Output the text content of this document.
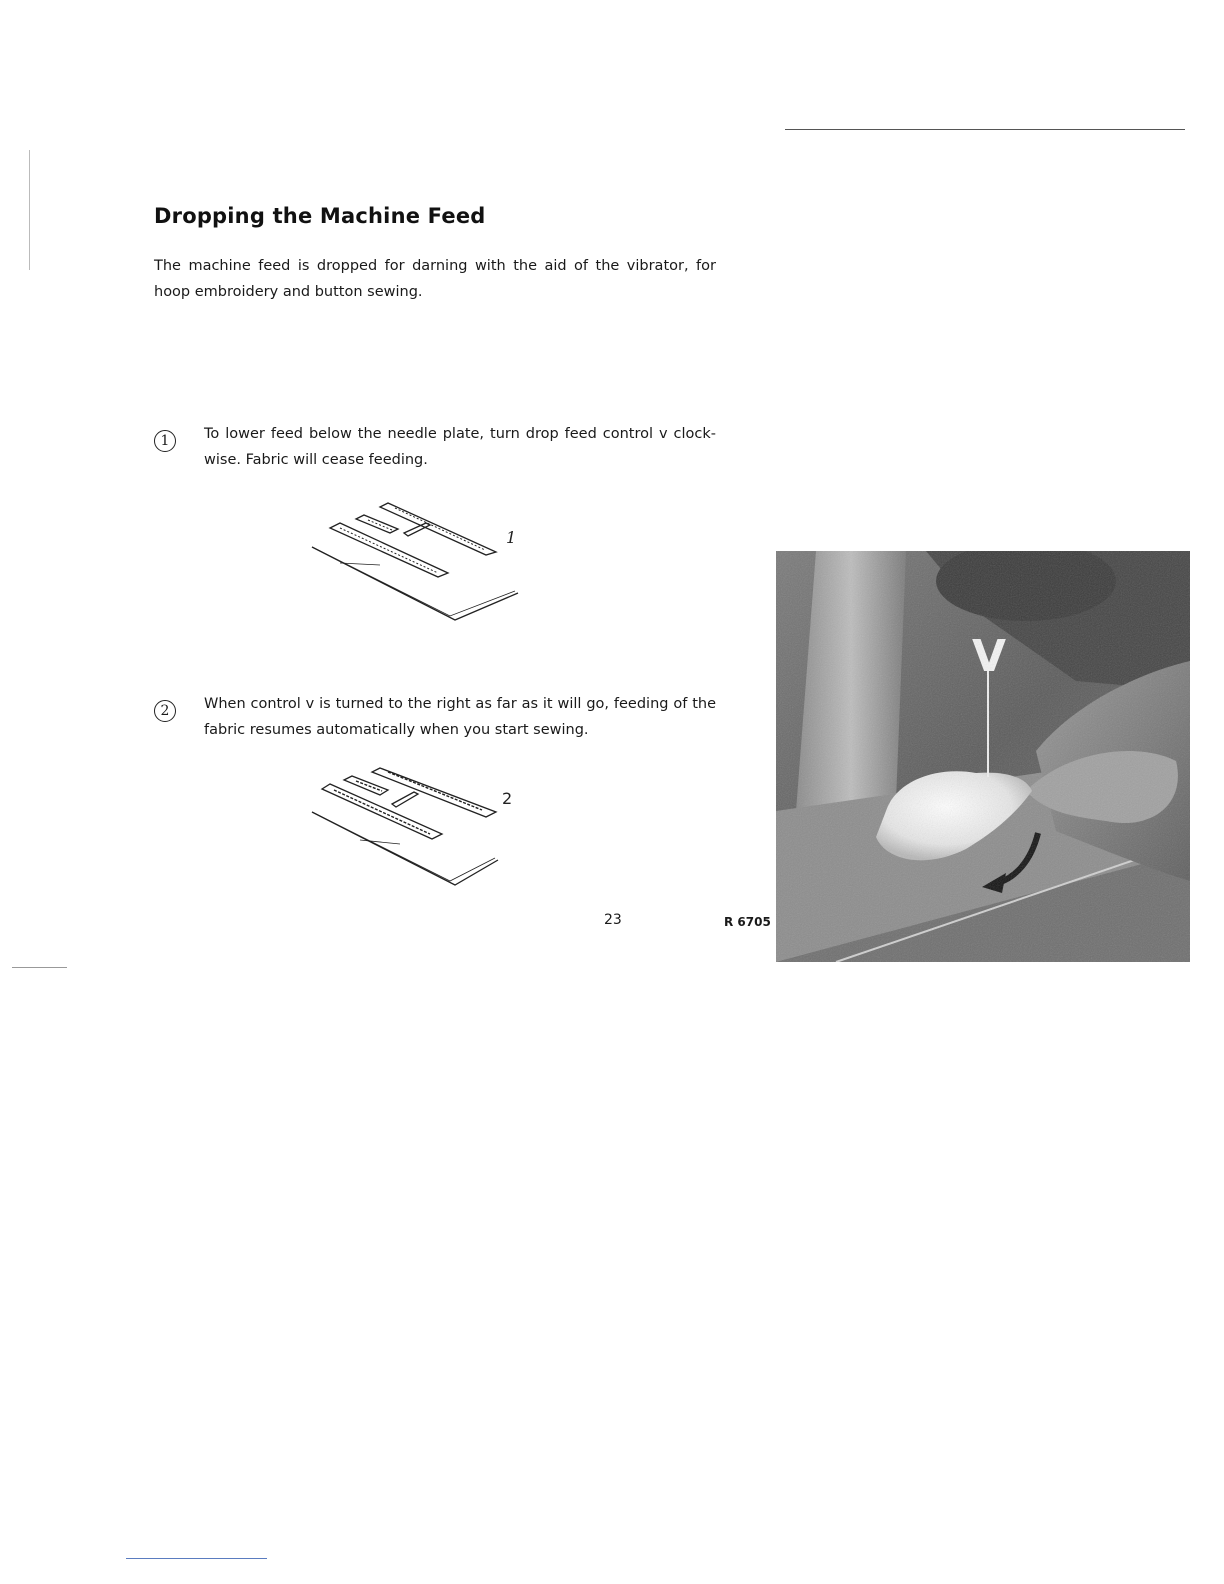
Dropping the Machine Feed

The machine feed is dropped for darning with the aid of the vibrator, for hoop embroidery and button sewing.

1	To lower feed below the needle plate, turn drop feed control v clock-wise. Fabric will cease feeding.

1
2	When control v is turned to the right as far as it will go, feeding of the fabric resumes automatically when you start sewing.

2
23	R 6705
